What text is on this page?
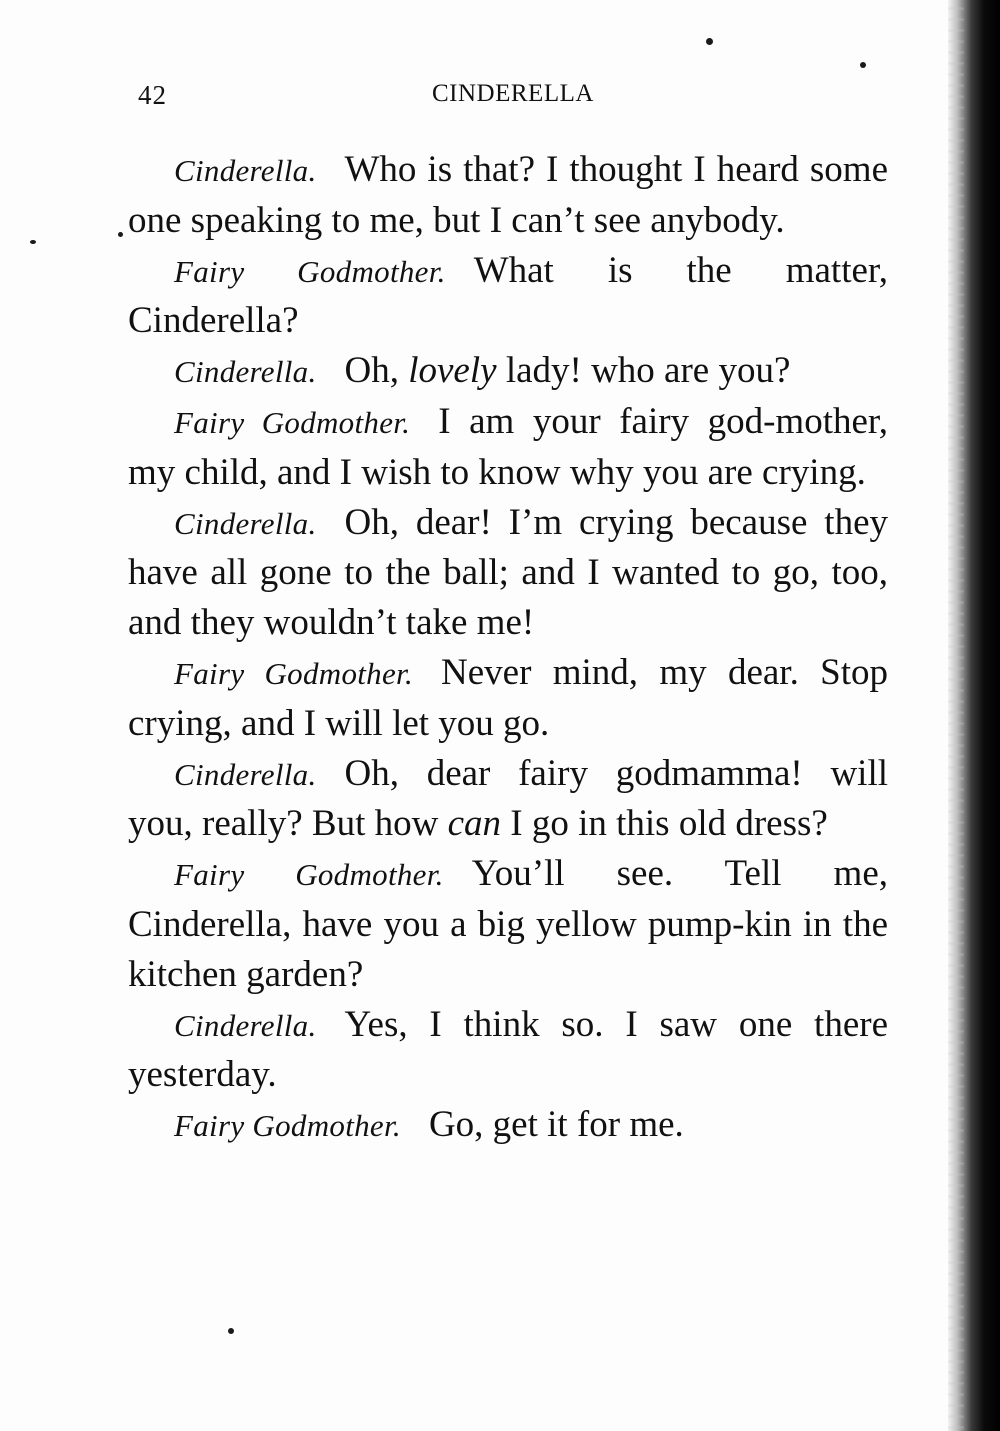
42	CINDERELLA

Cinderella. Who is that? I thought I heard some one speaking to me, but I can’t see anybody.

Fairy Godmother. What is the matter, Cinderella?

Cinderella. Oh, lovely lady! who are you?

Fairy Godmother. I am your fairy god-mother, my child, and I wish to know why you are crying.

Cinderella. Oh, dear! I’m crying because they have all gone to the ball; and I wanted to go, too, and they wouldn’t take me!

Fairy Godmother. Never mind, my dear. Stop crying, and I will let you go.

Cinderella. Oh, dear fairy godmamma! will you, really? But how can I go in this old dress?

Fairy Godmother. You’ll see. Tell me, Cinderella, have you a big yellow pump-kin in the kitchen garden?

Cinderella. Yes, I think so. I saw one there yesterday.

Fairy Godmother. Go, get it for me.
